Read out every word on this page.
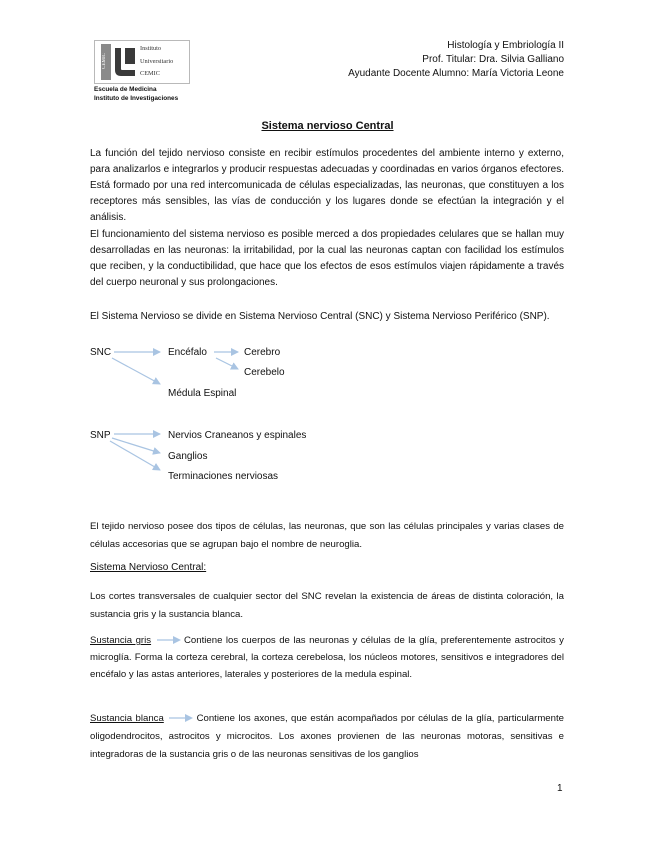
CEMIC
Instituto
Universitario
CEMIC
Escuela de Medicina
Instituto de Investigaciones
Histología y Embriología II
Prof. Titular: Dra. Silvia Galliano
Ayudante Docente Alumno: María Victoria Leone
Sistema nervioso Central

La función del tejido nervioso consiste en recibir estímulos procedentes del ambiente interno y externo, para analizarlos e integrarlos y producir respuestas adecuadas y coordinadas en varios órganos efectores. Está formado por una red intercomunicada de células especializadas, las neuronas, que constituyen a los receptores más sensibles, las vías de conducción y los lugares donde se efectúan la integración y el análisis.

El funcionamiento del sistema nervioso es posible merced a dos propiedades celulares que se hallan muy desarrolladas en las neuronas: la irritabilidad, por la cual las neuronas captan con facilidad los estímulos que reciben, y la conductibilidad, que hace que los efectos de esos estímulos viajen rápidamente a través del cuerpo neuronal y sus prolongaciones.

El Sistema Nervioso se divide en Sistema Nervioso Central (SNC) y Sistema Nervioso Periférico (SNP).

SNC	Encéfalo	Cerebro
Cerebelo
Médula Espinal
SNP	Nervios Craneanos y espinales
Ganglios
Terminaciones nerviosas

El tejido nervioso posee dos tipos de células, las neuronas, que son las células principales y varias clases de células accesorias que se agrupan bajo el nombre de neuroglia.

Sistema Nervioso Central:

Los cortes transversales de cualquier sector del SNC revelan la existencia de áreas de distinta coloración, la sustancia gris y la sustancia blanca.

Sustancia gris	Contiene los cuerpos de las neuronas y células de la glía, preferentemente astrocitos y microglía. Forma la corteza cerebral, la corteza cerebelosa, los núcleos motores, sensitivos e integradores del encéfalo y las astas anteriores, laterales y posteriores de la medula espinal.

Sustancia blanca	Contiene los axones, que están acompañados por células de la glía, particularmente oligodendrocitos, astrocitos y microcitos. Los axones provienen de las neuronas motoras, sensitivas e integradoras de la sustancia gris o de las neuronas sensitivas de los ganglios

1
